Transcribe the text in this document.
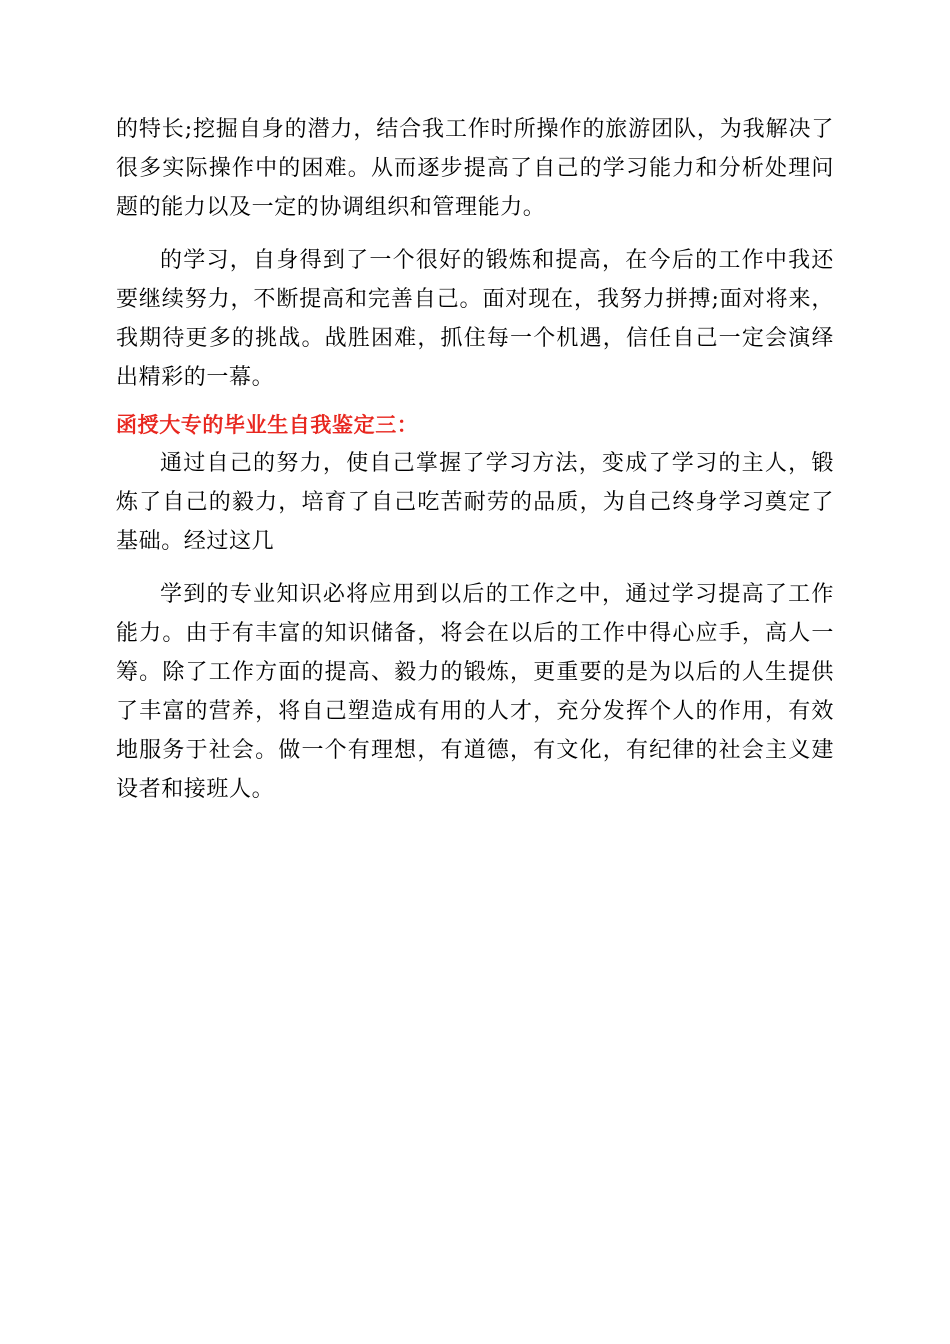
的特长;挖掘自身的潜力，结合我工作时所操作的旅游团队，为我解决了很多实际操作中的困难。从而逐步提高了自己的学习能力和分析处理问题的能力以及一定的协调组织和管理能力。

的学习，自身得到了一个很好的锻炼和提高，在今后的工作中我还要继续努力，不断提高和完善自己。面对现在，我努力拼搏;面对将来，我期待更多的挑战。战胜困难，抓住每一个机遇，信任自己一定会演绎出精彩的一幕。

函授大专的毕业生自我鉴定三：

通过自己的努力，使自己掌握了学习方法，变成了学习的主人，锻炼了自己的毅力，培育了自己吃苦耐劳的品质，为自己终身学习奠定了基础。经过这几

学到的专业知识必将应用到以后的工作之中，通过学习提高了工作能力。由于有丰富的知识储备，将会在以后的工作中得心应手，高人一筹。除了工作方面的提高、毅力的锻炼，更重要的是为以后的人生提供了丰富的营养，将自己塑造成有用的人才，充分发挥个人的作用，有效地服务于社会。做一个有理想，有道德，有文化，有纪律的社会主义建设者和接班人。
